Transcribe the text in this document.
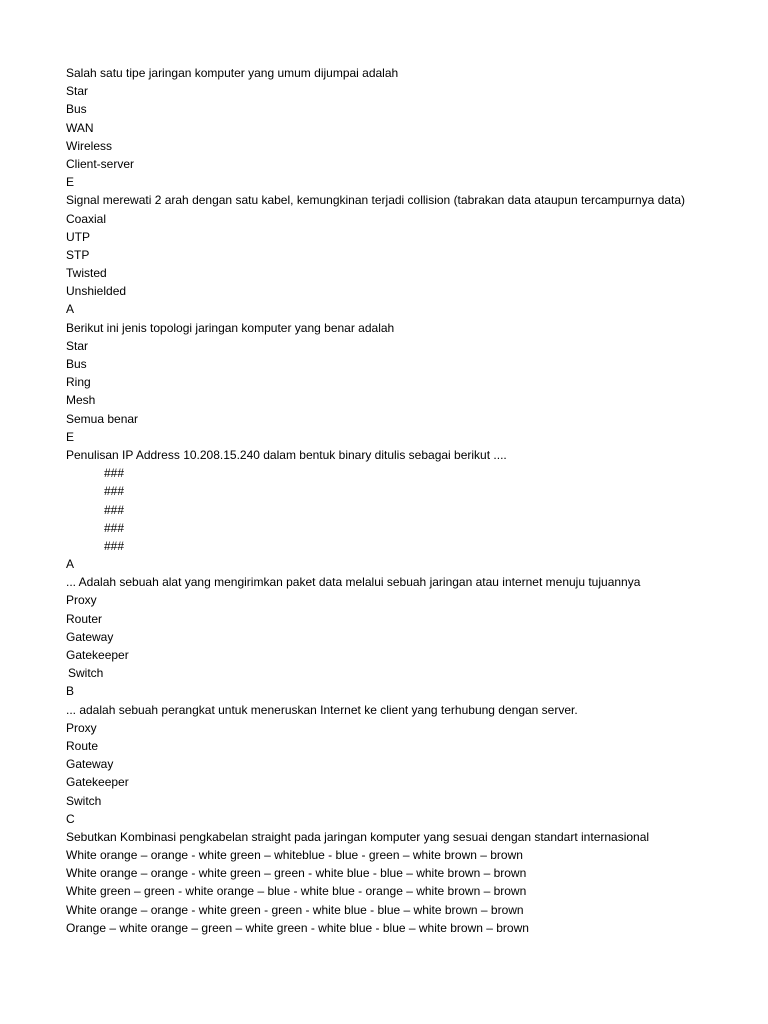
Salah satu tipe jaringan komputer yang umum dijumpai adalah
Star
Bus
WAN
Wireless
Client-server
E
Signal merewati 2 arah dengan satu kabel, kemungkinan terjadi collision (tabrakan data ataupun tercampurnya data)
Coaxial
UTP
STP
Twisted
Unshielded
A
Berikut ini jenis topologi jaringan komputer yang benar adalah
Star
Bus
Ring
Mesh
Semua benar
E
Penulisan IP Address 10.208.15.240 dalam bentuk binary ditulis sebagai berikut ....
###
###
###
###
###
A
... Adalah sebuah alat yang mengirimkan paket data melalui sebuah jaringan atau internet menuju tujuannya
Proxy
Router
Gateway
Gatekeeper
Switch
B
... adalah sebuah perangkat untuk meneruskan Internet ke client yang terhubung dengan server.
Proxy
Route
Gateway
Gatekeeper
Switch
C
Sebutkan Kombinasi pengkabelan straight pada jaringan komputer yang sesuai dengan standart internasional
White orange – orange - white green – whiteblue - blue - green – white brown – brown
White orange – orange - white green – green - white blue - blue – white brown – brown
White green – green - white orange – blue - white blue - orange – white brown – brown
White orange – orange - white green - green - white blue - blue – white brown – brown
Orange – white orange – green – white green - white blue - blue – white brown – brown
